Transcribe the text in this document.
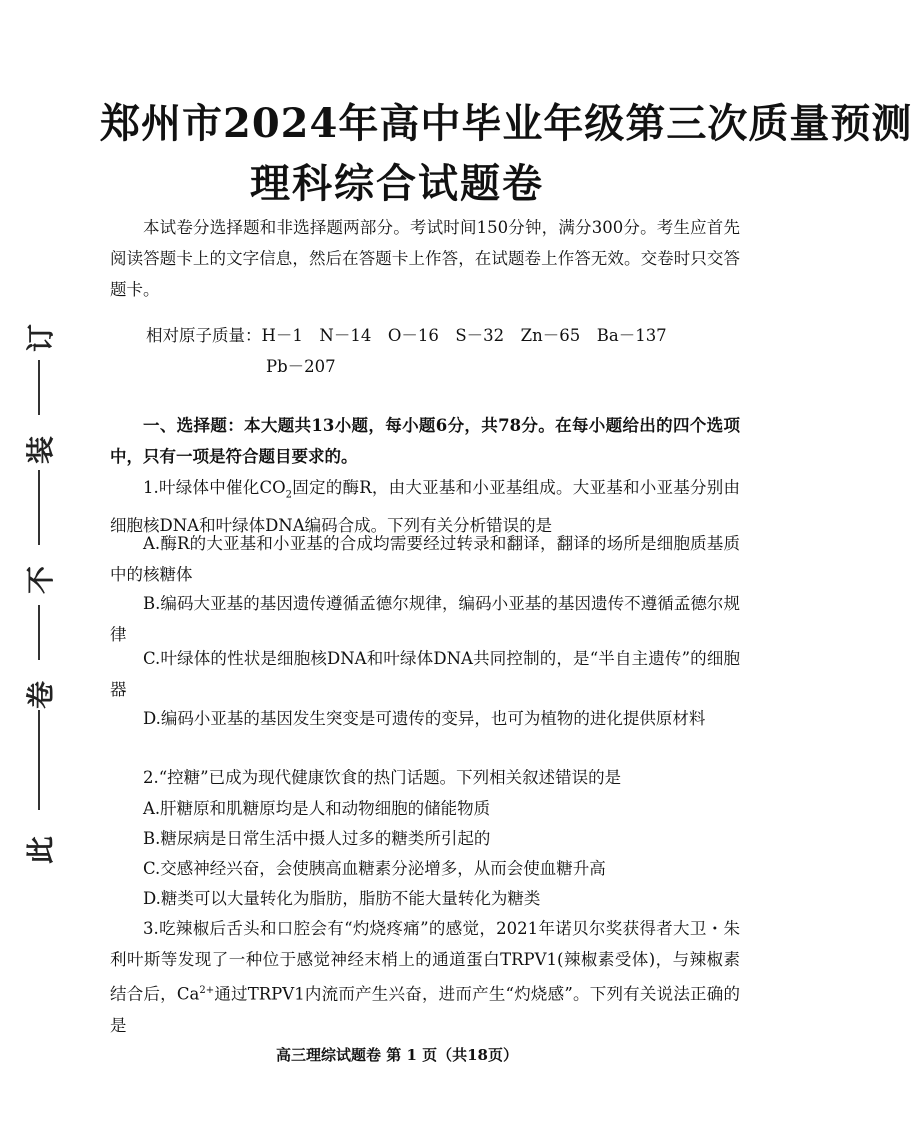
此
卷
不
装
订
郑州市2024年高中毕业年级第三次质量预测
理科综合试题卷
本试卷分选择题和非选择题两部分。考试时间150分钟，满分300分。考生应首先阅读答题卡上的文字信息，然后在答题卡上作答，在试题卷上作答无效。交卷时只交答题卡。
相对原子质量：H－1　N－14　O－16　S－32　Zn－65　Ba－137
Pb－207
一、选择题：本大题共13小题，每小题6分，共78分。在每小题给出的四个选项中，只有一项是符合题目要求的。
1.叶绿体中催化$CO_2$固定的酶R，由大亚基和小亚基组成。大亚基和小亚基分别由细胞核DNA和叶绿体DNA编码合成。下列有关分析错误的是
A.酶R的大亚基和小亚基的合成均需要经过转录和翻译，翻译的场所是细胞质基质中的核糖体
B.编码大亚基的基因遗传遵循孟德尔规律，编码小亚基的基因遗传不遵循孟德尔规律
C.叶绿体的性状是细胞核DNA和叶绿体DNA共同控制的，是“半自主遗传”的细胞器
D.编码小亚基的基因发生突变是可遗传的变异，也可为植物的进化提供原材料
2.“控糖”已成为现代健康饮食的热门话题。下列相关叙述错误的是
A.肝糖原和肌糖原均是人和动物细胞的储能物质
B.糖尿病是日常生活中摄人过多的糖类所引起的
C.交感神经兴奋，会使胰高血糖素分泌增多，从而会使血糖升高
D.糖类可以大量转化为脂肪，脂肪不能大量转化为糖类
3.吃辣椒后舌头和口腔会有“灼烧疼痛”的感觉，2021年诺贝尔奖获得者大卫・朱利叶斯等发现了一种位于感觉神经末梢上的通道蛋白TRPV1(辣椒素受体)，与辣椒素结合后，$Ca^{2+}$通过TRPV1内流而产生兴奋，进而产生“灼烧感”。下列有关说法正确的是
高三理综试题卷 第 1 页（共18页）
